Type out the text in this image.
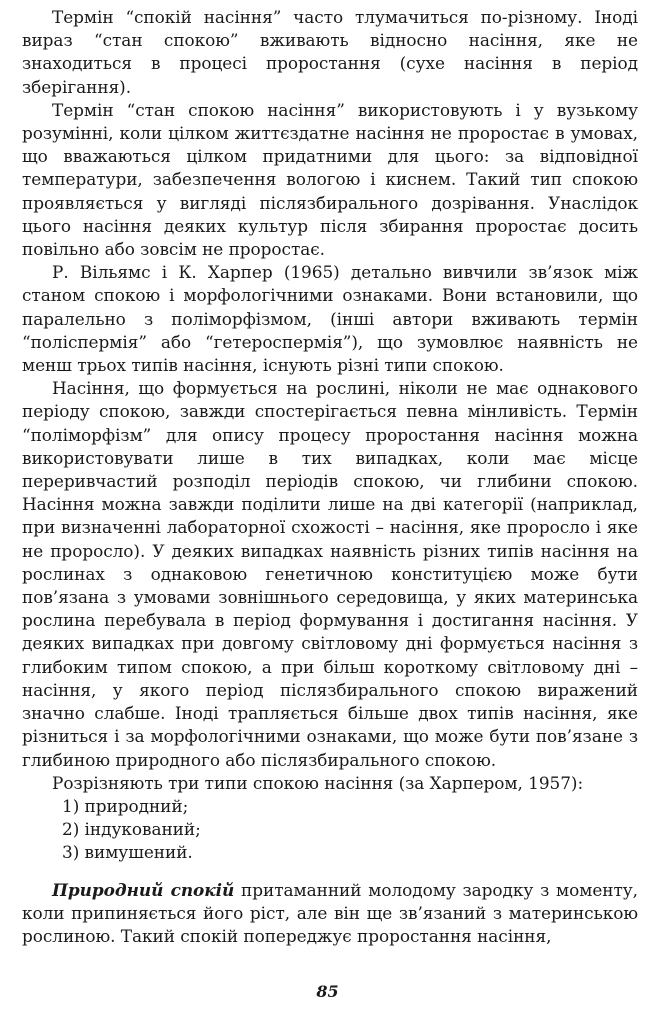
Термін “спокій насіння” часто тлумачиться по-різному. Іноді вираз “стан спокою” вживають відносно насіння, яке не знаходиться в процесі проростання (сухе насіння в період зберігання).

Термін “стан спокою насіння” використовують і у вузькому розумінні, коли цілком життєздатне насіння не проростає в умовах, що вважаються цілком придатними для цього: за відповідної температури, забезпечення вологою і киснем. Такий тип спокою проявляється у вигляді післязбирального дозрівання. Унаслідок цього насіння деяких культур після збирання проростає досить повільно або зовсім не проростає.

Р. Вільямс і К. Харпер (1965) детально вивчили зв’язок між станом спокою і морфологічними ознаками. Вони встановили, що паралельно з поліморфізмом, (інші автори вживають термін “поліспермія” або “гетероспермія”), що зумовлює наявність не менш трьох типів насіння, існують різні типи спокою.

Насіння, що формується на рослині, ніколи не має однакового періоду спокою, завжди спостерігається певна мінливість. Термін “поліморфізм” для опису процесу проростання насіння можна використовувати лише в тих випадках, коли має місце переривчастий розподіл періодів спокою, чи глибини спокою. Насіння можна завжди поділити лише на дві категорії (наприклад, при визначенні лабораторної схожості – насіння, яке проросло і яке не проросло). У деяких випадках наявність різних типів насіння на рослинах з однаковою генетичною конституцією може бути пов’язана з умовами зовнішнього середовища, у яких материнська рослина перебувала в період формування і достигання насіння. У деяких випадках при довгому світловому дні формується насіння з глибоким типом спокою, а при більш короткому світловому дні – насіння, у якого період післязбирального спокою виражений значно слабше. Іноді трапляється більше двох типів насіння, яке різниться і за морфологічними ознаками, що може бути пов’язане з глибиною природного або післязбирального спокою.

Розрізняють три типи спокою насіння (за Харпером, 1957):

1) природний;
2) індукований;
3) вимушений.

Природний спокій притаманний молодому зародку з моменту, коли припиняється його ріст, але він ще зв’язаний з материнською рослиною. Такий спокій попереджує проростання насіння,

85
